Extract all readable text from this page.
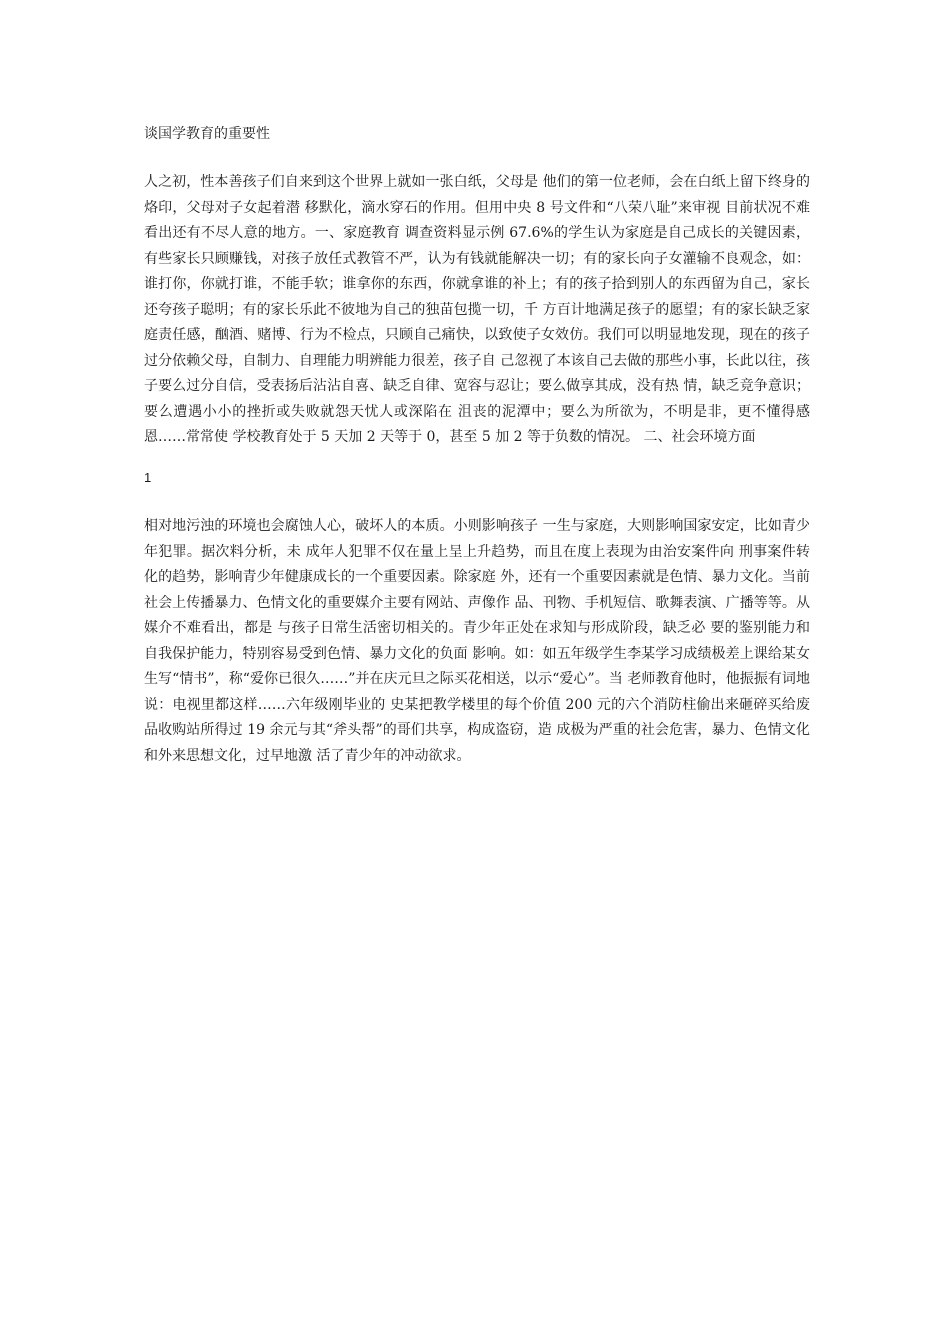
谈国学教育的重要性

人之初，性本善孩子们自来到这个世界上就如一张白纸，父母是 他们的第一位老师，会在白纸上留下终身的烙印，父母对子女起着潜 移默化，滴水穿石的作用。但用中央 8 号文件和“八荣八耻”来审视 目前状况不难看出还有不尽人意的地方。一、家庭教育 调查资料显示例 67.6%的学生认为家庭是自己成长的关键因素，有些家长只顾赚钱，对孩子放任式教管不严，认为有钱就能解决一切；有的家长向子女灌输不良观念，如：谁打你，你就打谁，不能手软；谁拿你的东西，你就拿谁的补上；有的孩子拾到别人的东西留为自己，家长还夸孩子聪明；有的家长乐此不彼地为自己的独苗包揽一切，千 方百计地满足孩子的愿望；有的家长缺乏家庭责任感，酗酒、赌博、行为不检点，只顾自己痛快，以致使子女效仿。我们可以明显地发现，现在的孩子过分依赖父母，自制力、自理能力明辨能力很差，孩子自 己忽视了本该自己去做的那些小事，长此以往，孩子要么过分自信，受表扬后沾沾自喜、缺乏自律、宽容与忍让；要么做享其成，没有热 情，缺乏竞争意识；要么遭遇小小的挫折或失败就怨天忧人或深陷在 沮丧的泥潭中；要么为所欲为，不明是非，更不懂得感恩……常常使 学校教育处于 5 天加 2 天等于 0，甚至 5 加 2 等于负数的情况。 二、社会环境方面

1

相对地污浊的环境也会腐蚀人心，破坏人的本质。小则影响孩子 一生与家庭，大则影响国家安定，比如青少年犯罪。据次料分析，未 成年人犯罪不仅在量上呈上升趋势，而且在度上表现为由治安案件向 刑事案件转化的趋势，影响青少年健康成长的一个重要因素。除家庭 外，还有一个重要因素就是色情、暴力文化。当前社会上传播暴力、色情文化的重要媒介主要有网站、声像作 品、刊物、手机短信、歌舞表演、广播等等。从媒介不难看出，都是 与孩子日常生活密切相关的。青少年正处在求知与形成阶段，缺乏必 要的鉴别能力和自我保护能力，特别容易受到色情、暴力文化的负面 影响。如：如五年级学生李某学习成绩极差上课给某女生写“情书”，称“爱你已很久……”并在庆元旦之际买花相送，以示“爱心”。当 老师教育他时，他振振有词地说：电视里都这样……六年级刚毕业的 史某把教学楼里的每个价值 200 元的六个消防柱偷出来砸碎买给废 品收购站所得过 19 余元与其“斧头帮”的哥们共享，构成盗窃，造 成极为严重的社会危害，暴力、色情文化和外来思想文化，过早地激 活了青少年的冲动欲求。
